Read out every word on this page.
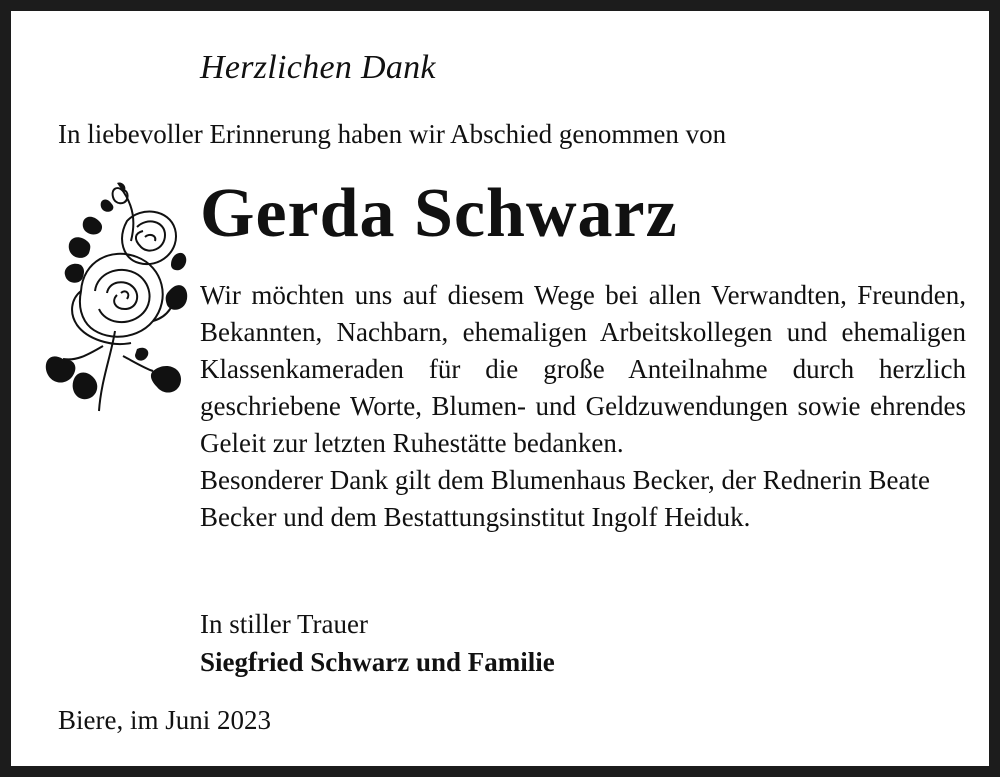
Herzlichen Dank
In liebevoller Erinnerung haben wir Abschied genommen von
Gerda Schwarz

Wir möchten uns auf diesem Wege bei allen Verwandten, Freunden, Bekannten, Nachbarn, ehemaligen Arbeitskollegen und ehemaligen Klassenkameraden für die große Anteilnahme durch herzlich geschriebene Worte, Blumen- und Geldzuwendungen sowie ehrendes Geleit zur letzten Ruhestätte bedanken.

Besonderer Dank gilt dem Blumenhaus Becker, der Rednerin Beate Becker und dem Bestattungsinstitut Ingolf Heiduk.

In stiller Trauer
Siegfried Schwarz und Familie
Biere, im Juni 2023
